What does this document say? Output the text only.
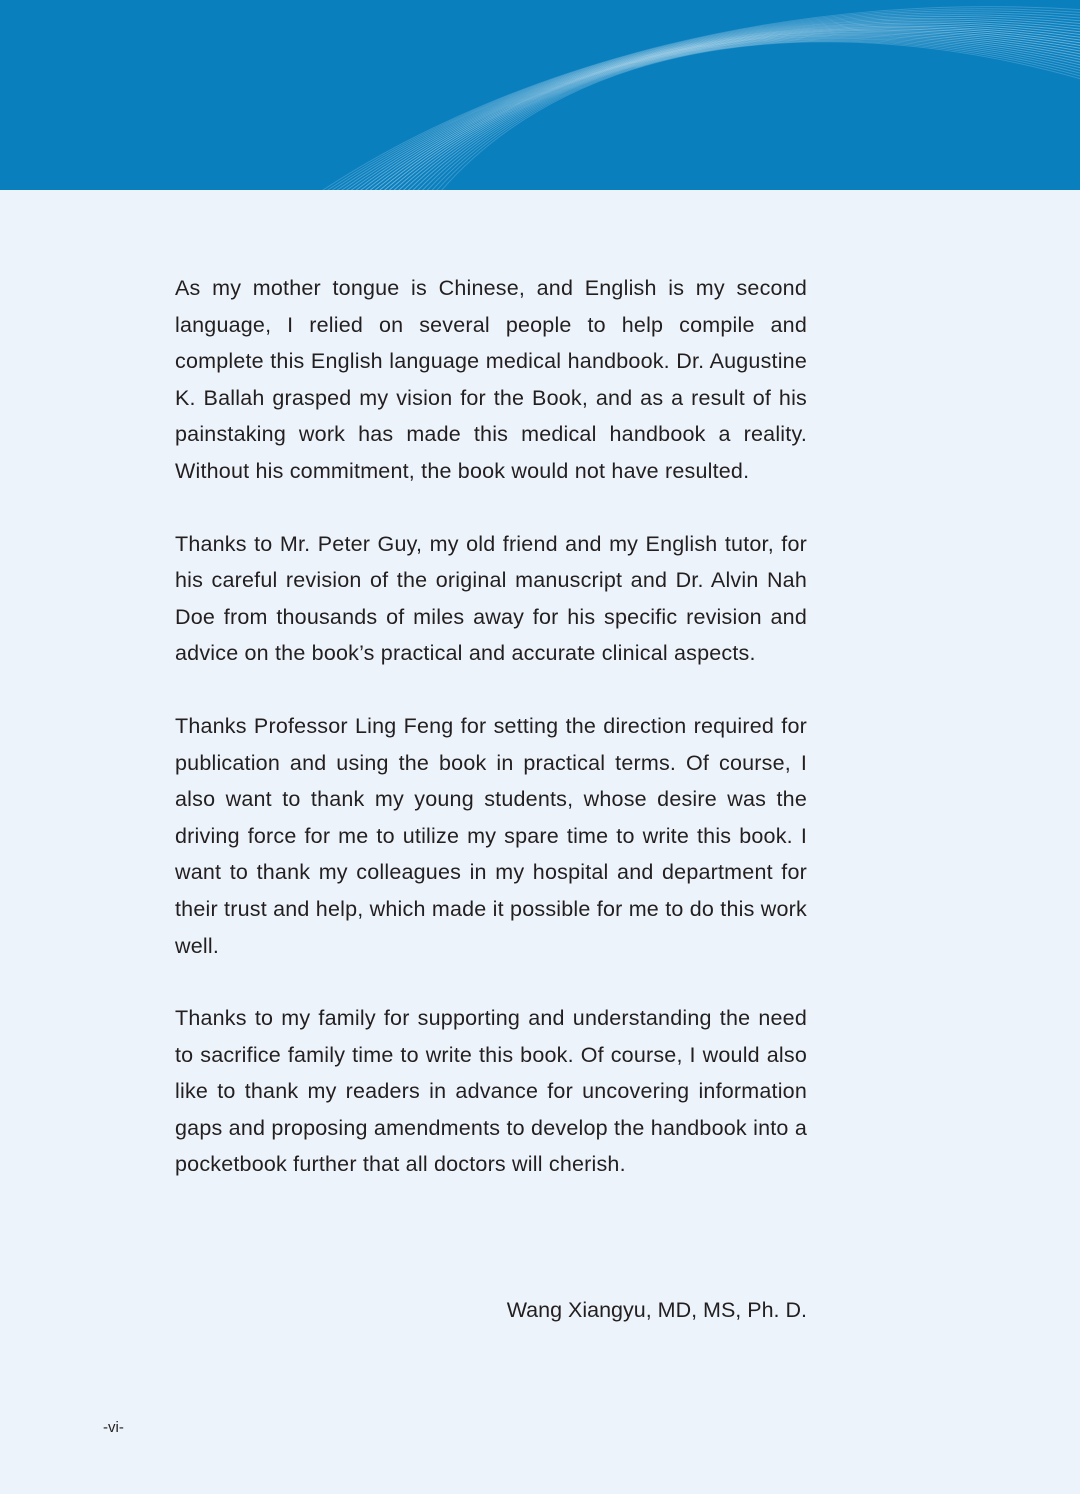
As my mother tongue is Chinese, and English is my second language, I relied on several people to help compile and complete this English language medical handbook. Dr. Augustine K. Ballah grasped my vision for the Book, and as a result of his painstaking work has made this medical handbook a reality. Without his commitment, the book would not have resulted.

Thanks to Mr. Peter Guy, my old friend and my English tutor, for his careful revision of the original manuscript and Dr. Alvin Nah Doe from thousands of miles away for his specific revision and advice on the book’s practical and accurate clinical aspects.

Thanks Professor Ling Feng for setting the direction required for publication and using the book in practical terms. Of course, I also want to thank my young students, whose desire was the driving force for me to utilize my spare time to write this book. I want to thank my colleagues in my hospital and department for their trust and help, which made it possible for me to do this work well.

Thanks to my family for supporting and understanding the need to sacrifice family time to write this book. Of course, I would also like to thank my readers in advance for uncovering information gaps and proposing amendments to develop the handbook into a pocketbook further that all doctors will cherish.

Wang Xiangyu, MD, MS, Ph. D.
-vi-
